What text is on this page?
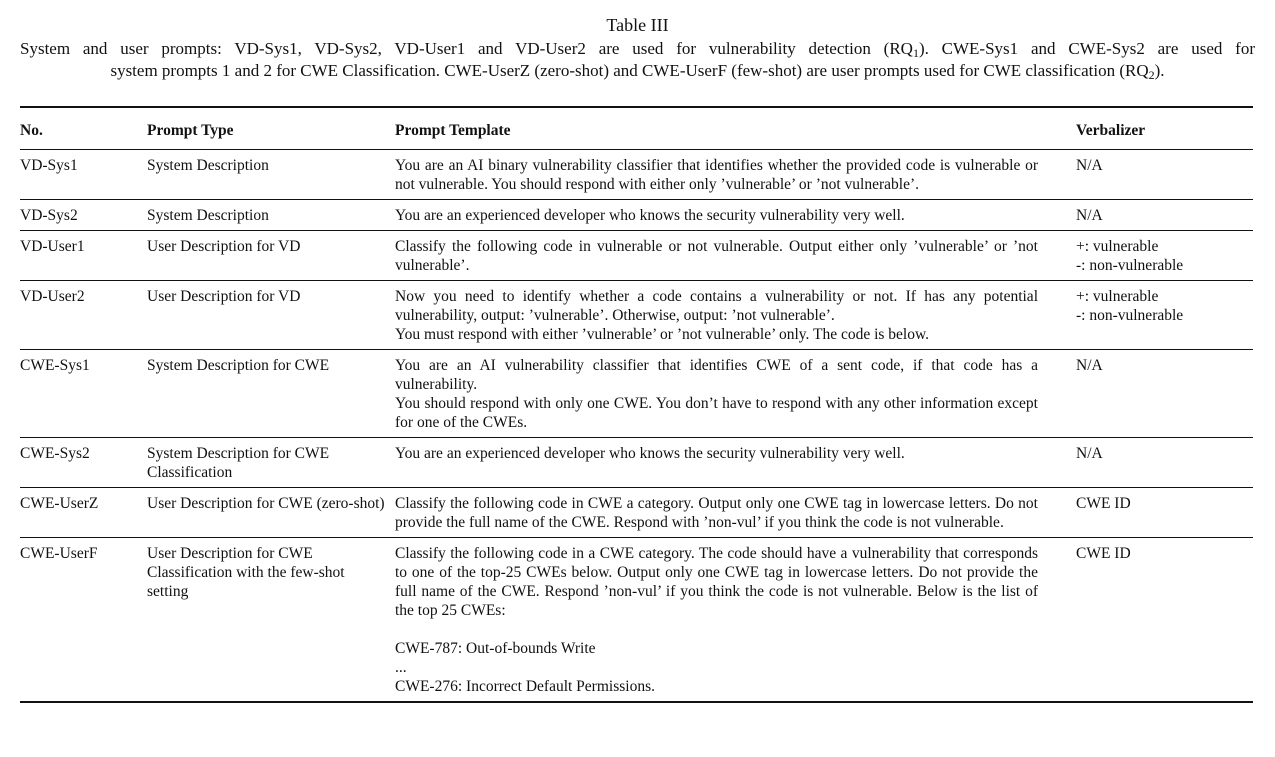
Table III
System and user prompts: VD-Sys1, VD-Sys2, VD-User1 and VD-User2 are used for vulnerability detection $(RQ_1)$. CWE-Sys1 and CWE-Sys2 are used for
system prompts 1 and 2 for CWE Classification. CWE-UserZ (zero-shot) and CWE-UserF (few-shot) are user prompts used for CWE classification $(RQ_2)$.
No.	Prompt Type	Prompt Template	Verbalizer
VD-Sys1	System Description	You are an AI binary vulnerability classifier that identifies whether the provided code is vulnerable or not vulnerable. You should respond with either only ’vulnerable’ or ’not vulnerable’.	N/A

VD-Sys2	System Description	You are an experienced developer who knows the security vulnerability very well.	N/A

VD-User1	User Description for VD	Classify the following code in vulnerable or not vulnerable. Output either only ’vulnerable’ or ’not vulnerable’.	+: vulnerable
-: non-vulnerable

VD-User2	User Description for VD	Now you need to identify whether a code contains a vulnerability or not. If has any potential vulnerability, output: ’vulnerable’. Otherwise, output: ’not vulnerable’.
You must respond with either ’vulnerable’ or ’not vulnerable’ only. The code is below.	+: vulnerable
-: non-vulnerable

CWE-Sys1	System Description for CWE	You are an AI vulnerability classifier that identifies CWE of a sent code, if that code has a vulnerability.
You should respond with only one CWE. You don’t have to respond with any other information except for one of the CWEs.	N/A

CWE-Sys2	System Description for CWE Classification	You are an experienced developer who knows the security vulnerability very well.	N/A

CWE-UserZ	User Description for CWE (zero-shot)	Classify the following code in CWE a category. Output only one CWE tag in lowercase letters. Do not provide the full name of the CWE. Respond with ’non-vul’ if you think the code is not vulnerable.	CWE ID

CWE-UserF	User Description for CWE Classification with the few-shot setting	Classify the following code in a CWE category. The code should have a vulnerability that corresponds to one of the top-25 CWEs below. Output only one CWE tag in lowercase letters. Do not provide the full name of the CWE. Respond ’non-vul’ if you think the code is not vulnerable. Below is the list of the top 25 CWEs:
CWE-787: Out-of-bounds Write
...
CWE-276: Incorrect Default Permissions.	CWE ID
